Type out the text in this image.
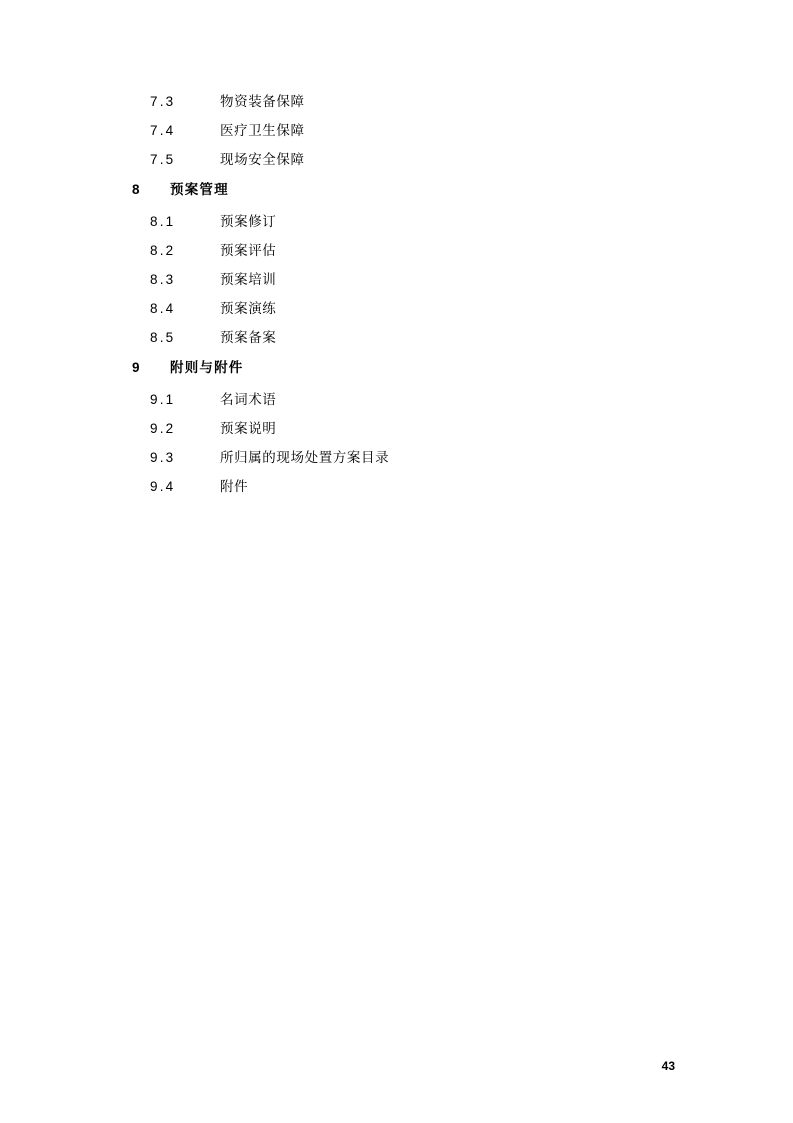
7.3	物资装备保障
7.4	医疗卫生保障
7.5	现场安全保障
8	预案管理
8.1	预案修订
8.2	预案评估
8.3	预案培训
8.4	预案演练
8.5	预案备案
9	附则与附件
9.1	名词术语
9.2	预案说明
9.3	所归属的现场处置方案目录
9.4	附件
43
